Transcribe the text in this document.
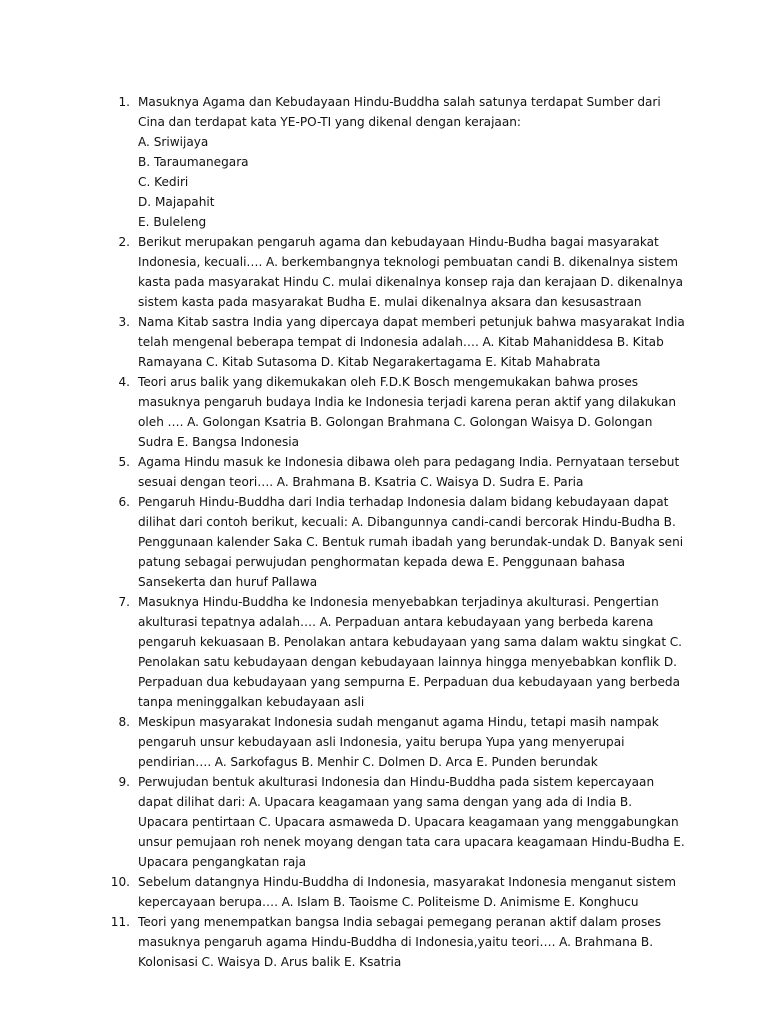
1. Masuknya Agama dan Kebudayaan Hindu-Buddha salah satunya terdapat Sumber dari Cina dan terdapat kata YE-PO-TI yang dikenal dengan kerajaan:
A. Sriwijaya
B. Taraumanegara
C. Kediri
D. Majapahit
E. Buleleng
2. Berikut merupakan pengaruh agama dan kebudayaan Hindu-Budha bagai masyarakat Indonesia, kecuali…. A. berkembangnya teknologi pembuatan candi B. dikenalnya sistem kasta pada masyarakat Hindu C. mulai dikenalnya konsep raja dan kerajaan D. dikenalnya sistem kasta pada masyarakat Budha E. mulai dikenalnya aksara dan kesusastraan
3. Nama Kitab sastra India yang dipercaya dapat memberi petunjuk bahwa masyarakat India telah mengenal beberapa tempat di Indonesia adalah…. A. Kitab Mahaniddesa B. Kitab Ramayana C. Kitab Sutasoma D. Kitab Negarakertagama E. Kitab Mahabrata
4. Teori arus balik yang dikemukakan oleh F.D.K Bosch mengemukakan bahwa proses masuknya pengaruh budaya India ke Indonesia terjadi karena peran aktif yang dilakukan oleh …. A. Golongan Ksatria B. Golongan Brahmana C. Golongan Waisya D. Golongan Sudra E. Bangsa Indonesia
5. Agama Hindu masuk ke Indonesia dibawa oleh para pedagang India. Pernyataan tersebut sesuai dengan teori…. A. Brahmana B. Ksatria C. Waisya D. Sudra E. Paria
6. Pengaruh Hindu-Buddha dari India terhadap Indonesia dalam bidang kebudayaan dapat dilihat dari contoh berikut, kecuali: A. Dibangunnya candi-candi bercorak Hindu-Budha B. Penggunaan kalender Saka C. Bentuk rumah ibadah yang berundak-undak D. Banyak seni patung sebagai perwujudan penghormatan kepada dewa E. Penggunaan bahasa Sansekerta dan huruf Pallawa
7. Masuknya Hindu-Buddha ke Indonesia menyebabkan terjadinya akulturasi. Pengertian akulturasi tepatnya adalah…. A. Perpaduan antara kebudayaan yang berbeda karena pengaruh kekuasaan B. Penolakan antara kebudayaan yang sama dalam waktu singkat C. Penolakan satu kebudayaan dengan kebudayaan lainnya hingga menyebabkan konflik D. Perpaduan dua kebudayaan yang sempurna E. Perpaduan dua kebudayaan yang berbeda tanpa meninggalkan kebudayaan asli
8. Meskipun masyarakat Indonesia sudah menganut agama Hindu, tetapi masih nampak pengaruh unsur kebudayaan asli Indonesia, yaitu berupa Yupa yang menyerupai pendirian…. A. Sarkofagus B. Menhir C. Dolmen D. Arca E. Punden berundak
9. Perwujudan bentuk akulturasi Indonesia dan Hindu-Buddha pada sistem kepercayaan dapat dilihat dari: A. Upacara keagamaan yang sama dengan yang ada di India B. Upacara pentirtaan C. Upacara asmaweda D. Upacara keagamaan yang menggabungkan unsur pemujaan roh nenek moyang dengan tata cara upacara keagamaan Hindu-Budha E. Upacara pengangkatan raja
10. Sebelum datangnya Hindu-Buddha di Indonesia, masyarakat Indonesia menganut sistem kepercayaan berupa…. A. Islam B. Taoisme C. Politeisme D. Animisme E. Konghucu
11. Teori yang menempatkan bangsa India sebagai pemegang peranan aktif dalam proses masuknya pengaruh agama Hindu-Buddha di Indonesia,yaitu teori…. A. Brahmana B. Kolonisasi C. Waisya D. Arus balik E. Ksatria
